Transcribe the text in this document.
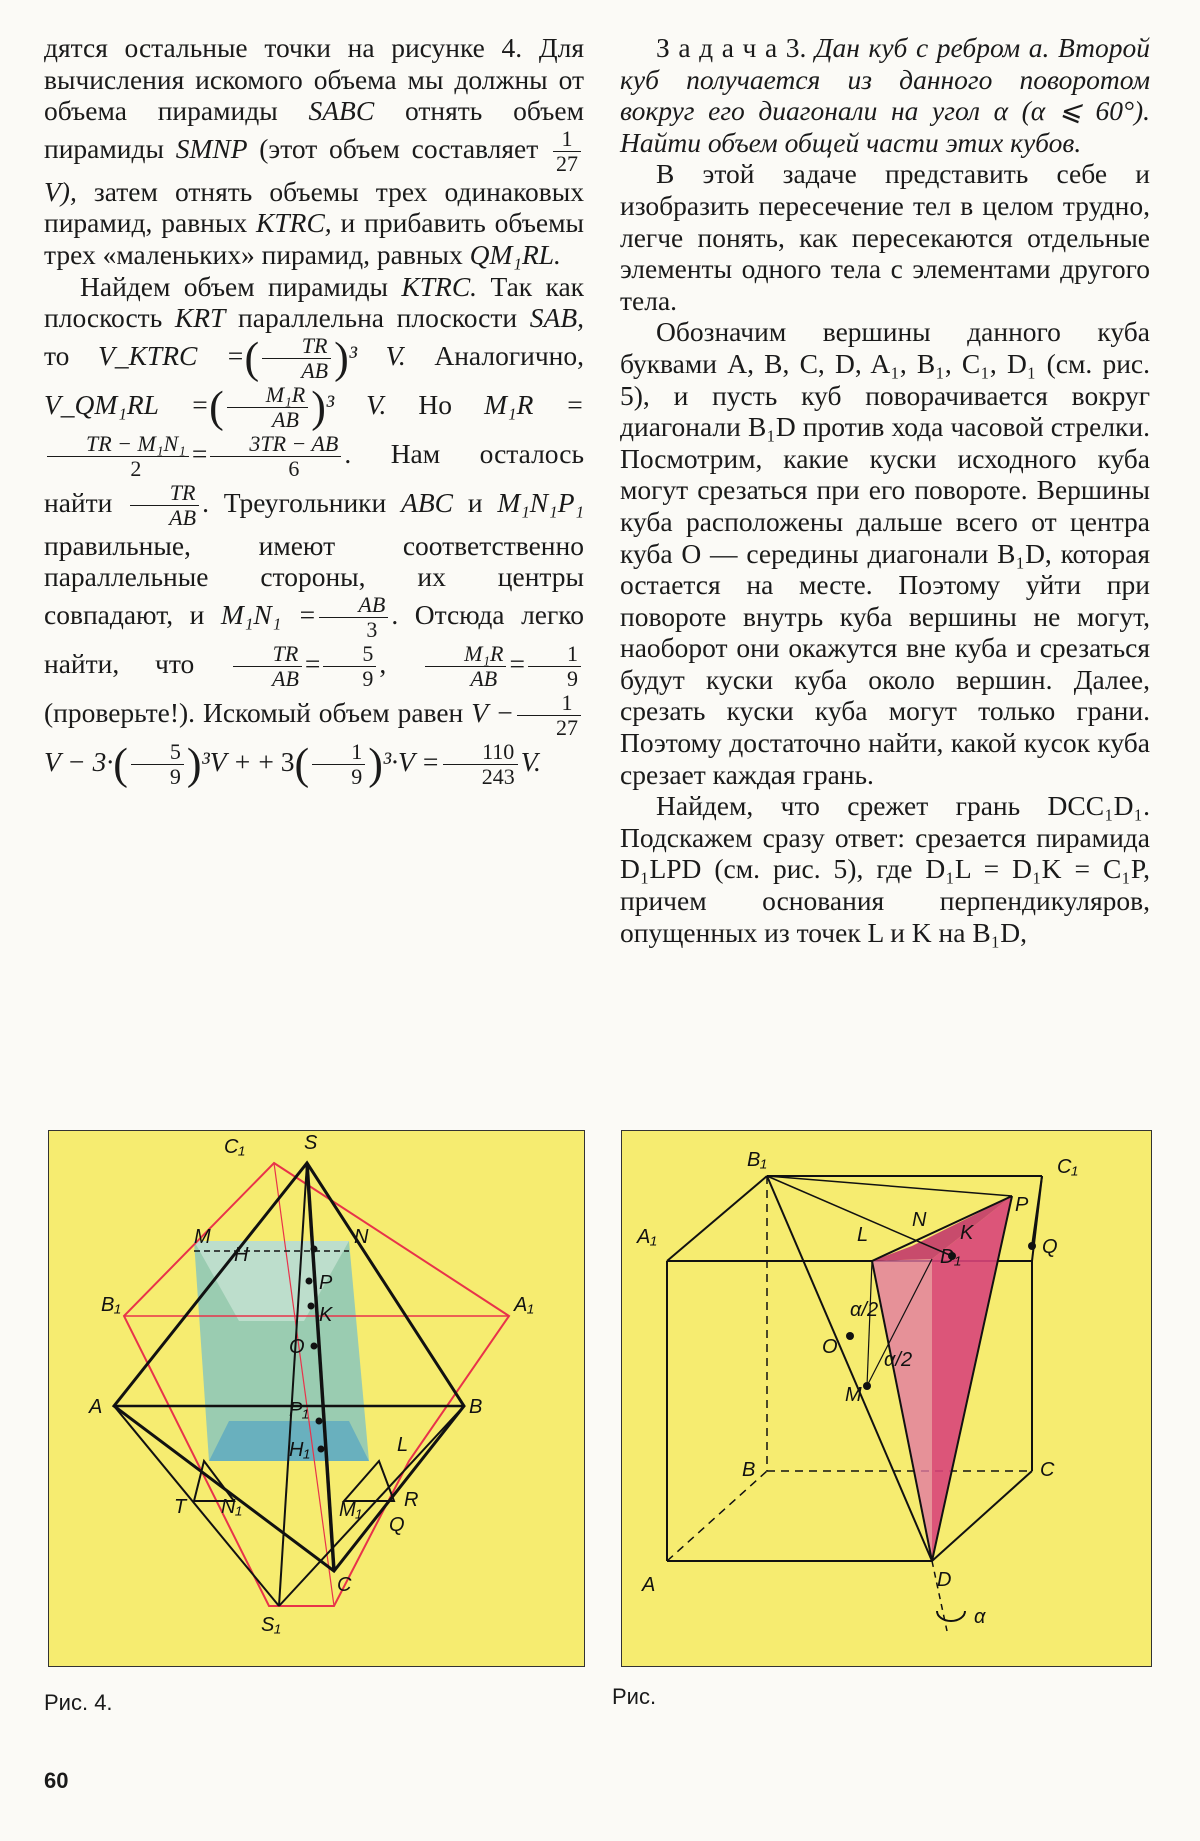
дятся остальные точки на рисунке 4. Для вычисления искомого объема мы должны от объема пирамиды SABC отнять объем пирамиды SMNP (этот объем составляет $\frac{1}{27}$
V), затем отнять объемы трех одинаковых пирамид, равных KTRC, и прибавить объемы трех «маленьких» пирамид, равных QM₁RL.

Найдем объем пирамиды KTRC. Так как плоскость KRT параллельна плоскости SAB, то V_KTRC =( $\frac{TR}{AB} )^3$ V. Аналогично, V_QM₁RL =( $\frac{\text{M₁R}}{AB} )^3$ V. Но M₁R =
$\frac{\text{TR − M₁N₁}}{2} = \frac{3TR - AB}{6}$ . Нам осталось найти $\frac{TR}{AB}$ . Треугольники ABC и M₁N₁P₁ правильные, имеют соответственно параллельные стороны, их центры совпадают, и $M_1N_1 = \frac{AB}{3}$ . Отсюда легко найти, что $\frac{TR}{AB} = \frac{5}{9}$ , $\frac{\text{M₁R}}{AB} = \frac{1}{9}$
(проверьте!). Искомый объем равен $V - \frac{1}{27}$
$V - 3\cdot( \frac{5}{9} )^3V$ + + $3( \frac{1}{9} )^3\cdot V = \frac{110}{243} V$.

З а д а ч а 3. Дан куб с ребром a. Второй куб получается из данного поворотом вокруг его диагонали на угол α (α ⩽ 60°). Найти объем общей части этих кубов.

В этой задаче представить себе и изобразить пересечение тел в целом трудно, легче понять, как пересекаются отдельные элементы одного тела с элементами другого тела.

Обозначим вершины данного куба буквами A, B, C, D, A₁, B₁, C₁, D₁ (см. рис. 5), и пусть куб поворачивается вокруг диагонали B₁D против хода часовой стрелки. Посмотрим, какие куски исходного куба могут срезаться при его повороте. Вершины куба расположены дальше всего от центра куба O — середины диагонали B₁D, которая остается на месте. Поэтому уйти при повороте внутрь куба вершины не могут, наоборот они окажутся вне куба и срезаться будут куски куба около вершин. Далее, срезать куски куба могут только грани. Поэтому достаточно найти, какой кусок куба срезает каждая грань.

Найдем, что срежет грань DCC₁D₁. Подскажем сразу ответ: срезается пирамида D₁LPD (см. рис. 5), где D₁L = D₁K = C₁P, причем основания перпендикуляров, опущенных из точек L и K на B₁D,

C₁	S
M	N
H
B₁	A₁
P
K
O
A	B
P₁
H₁	L
T N₁	M₁ R
Q
S₁
C
Рис. 4.
B₁	C₁
A₁	L
N
K
P
D₁	Q
α/2
O
α/2
M
B	C
A	D
α
Рис.
60
